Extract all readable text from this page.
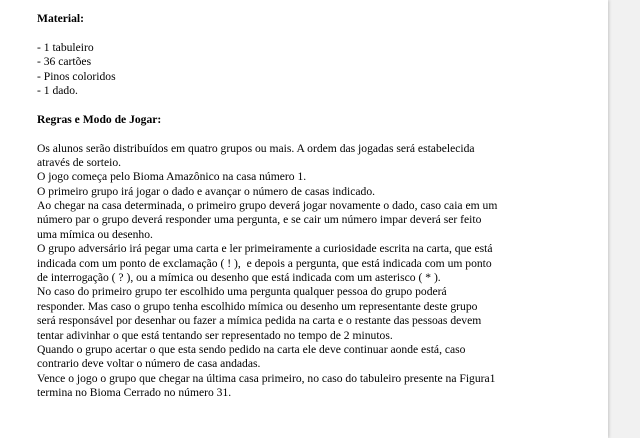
Material:

- 1 tabuleiro

- 36 cartões

- Pinos coloridos

- 1 dado.

Regras e Modo de Jogar:

Os alunos serão distribuídos em quatro grupos ou mais. A ordem das jogadas será estabelecida

através de sorteio.

O jogo começa pelo Bioma Amazônico na casa número 1.

O primeiro grupo irá jogar o dado e avançar o número de casas indicado.

Ao chegar na casa determinada, o primeiro grupo deverá jogar novamente o dado, caso caia em um

número par o grupo deverá responder uma pergunta, e se cair um número impar deverá ser feito

uma mímica ou desenho.

O grupo adversário irá pegar uma carta e ler primeiramente a curiosidade escrita na carta, que está

indicada com um ponto de exclamação ( ! ),  e depois a pergunta, que está indicada com um ponto

de interrogação ( ? ), ou a mímica ou desenho que está indicada com um asterisco ( * ).

No caso do primeiro grupo ter escolhido uma pergunta qualquer pessoa do grupo poderá

responder. Mas caso o grupo tenha escolhido mímica ou desenho um representante deste grupo

será responsável por desenhar ou fazer a mímica pedida na carta e o restante das pessoas devem

tentar adivinhar o que está tentando ser representado no tempo de 2 minutos.

Quando o grupo acertar o que esta sendo pedido na carta ele deve continuar aonde está, caso

contrario deve voltar o número de casa andadas.

Vence o jogo o grupo que chegar na última casa primeiro, no caso do tabuleiro presente na Figura1

termina no Bioma Cerrado no número 31.
